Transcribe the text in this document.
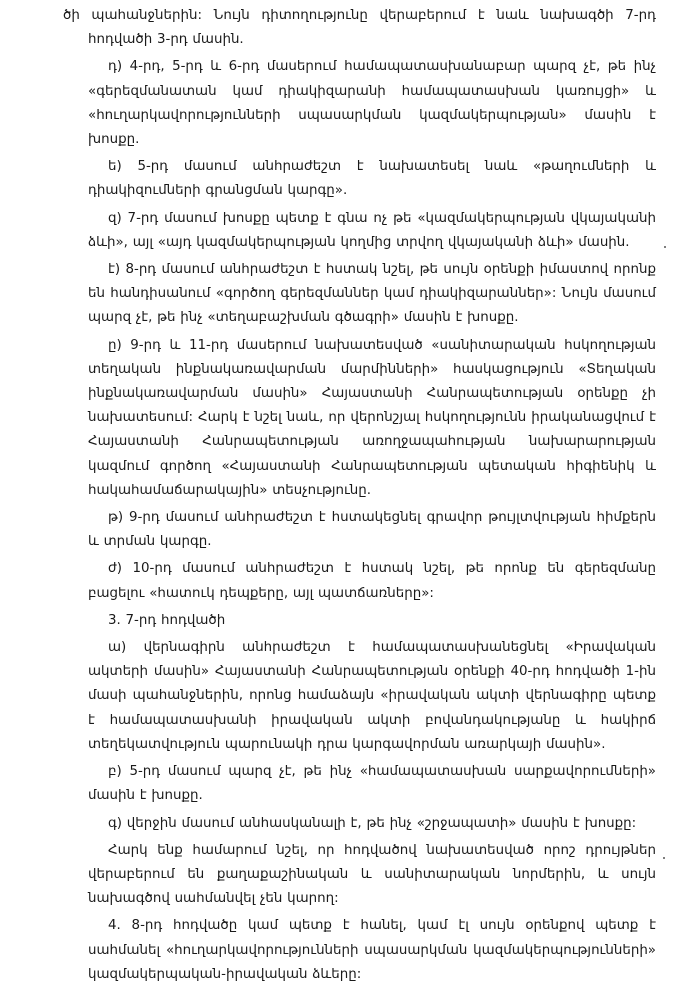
ծի պահանջներին: Նույն դիտողությունը վերաբերում է նաև նախագծի 7-րդ հոդվածի 3-րդ մասին.

դ) 4-րդ, 5-րդ և 6-րդ մասերում համապատասխանաբար պարզ չէ, թե ինչ «գերեզմանատան կամ դիակիզարանի համապատասխան կառույցի» և «հուղարկավորությունների սպասարկման կազմակերպության» մասին է խոսքը.

ե) 5-րդ մասում անհրաժեշտ է նախատեսել նաև «թաղումների և դիակիզումների գրանցման կարգը».

զ) 7-րդ մասում խոսքը պետք է գնա ոչ թե «կազմակերպության վկայականի ձևի», այլ «այդ կազմակերպության կողմից տրվող վկայականի ձևի» մասին.

է) 8-րդ մասում անհրաժեշտ է հստակ նշել, թե սույն օրենքի իմաստով որոնք են հանդիսանում «գործող գերեզմաններ կամ դիակիզարաններ»: Նույն մասում պարզ չէ, թե ինչ «տեղաբաշխման գծագրի» մասին է խոսքը.

ը) 9-րդ և 11-րդ մասերում նախատեսված «սանիտարական հսկողության տեղական ինքնակառավարման մարմինների» հասկացություն «Տեղական ինքնակառավարման մասին» Հայաստանի Հանրապետության օրենքը չի նախատեսում: Հարկ է նշել նաև, որ վերոնշյալ հսկողությունն իրականացվում է Հայաստանի Հանրապետության առողջապահության նախարարության կազմում գործող «Հայաստանի Հանրապետության պետական հիգիենիկ և հակահամաճարակային» տեսչությունը.

թ) 9-րդ մասում անհրաժեշտ է հստակեցնել գրավոր թույլտվության հիմքերն և տրման կարգը.

ժ) 10-րդ մասում անհրաժեշտ է հստակ նշել, թե որոնք են գերեզմանը բացելու «հատուկ դեպքերը, այլ պատճառները»:

3. 7-րդ հոդվածի

ա) վերնագիրն անհրաժեշտ է համապատասխանեցնել «Իրավական ակտերի մասին» Հայաստանի Հանրապետության օրենքի 40-րդ հոդվածի 1-ին մասի պահանջներին, որոնց համաձայն «իրավական ակտի վերնագիրը պետք է համապատասխանի իրավական ակտի բովանդակությանը և հակիրճ տեղեկատվություն պարունակի դրա կարգավորման առարկայի մասին».

բ) 5-րդ մասում պարզ չէ, թե ինչ «համապատասխան սարքավորումների» մասին է խոսքը.

գ) վերջին մասում անհասկանալի է, թե ինչ «շրջապատի» մասին է խոսքը:

Հարկ ենք համարում նշել, որ հոդվածով նախատեսված որոշ դրույթներ վերաբերում են քաղաքաշինական և սանիտարական նորմերին, և սույն նախագծով սահմանվել չեն կարող:

4. 8-րդ հոդվածը կամ պետք է հանել, կամ էլ սույն օրենքով պետք է սահմանել «հուղարկավորությունների սպասարկման կազմակերպությունների» կազմակերպական-իրավական ձևերը:
